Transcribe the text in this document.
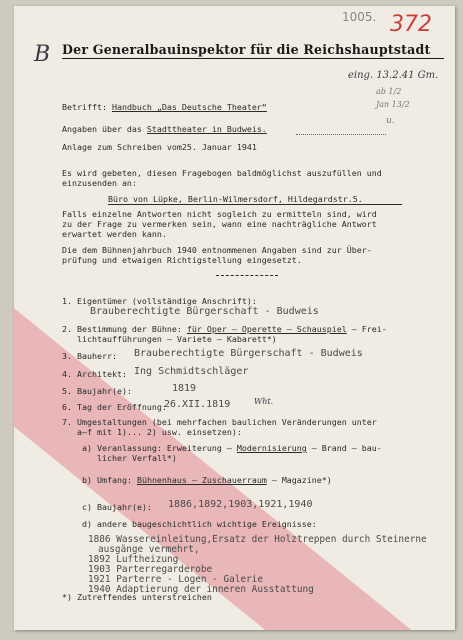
1005. 372
B Der Generalbauinspektor für die Reichshauptstadt
eing. 13.2.41 Gm.
ab 1/2
Jan 13/2
u.
Betrifft: Handbuch „Das Deutsche Theater“
Angaben über das Stadttheater in Budweis.
Anlage zum Schreiben vom25. Januar 1941
Es wird gebeten, diesen Fragebogen baldmöglichst auszufüllen und
einzusenden an:
Büro von Lüpke, Berlin-Wilmersdorf, Hildegardstr.5.
Falls einzelne Antworten nicht sogleich zu ermitteln sind, wird
zu der Frage zu vermerken sein, wann eine nachträgliche Antwort
erwartet werden kann.
Die dem Bühnenjahrbuch 1940 entnommenen Angaben sind zur Über-
prüfung und etwaigen Richtigstellung eingesetzt.
1. Eigentümer (vollständige Anschrift):
Brauberechtigte Bürgerschaft - Budweis
2. Bestimmung der Bühne: für Oper — Operette — Schauspiel — Frei-
lichtaufführungen — Variete — Kabarett*)
3. Bauherr: Brauberechtigte Bürgerschaft - Budweis
4. Architekt: Ing Schmidtschläger
5. Baujahr(e):	1819
6. Tag der Eröffnung:
26.XII.1819	Wht.
7. Umgestaltungen (bei mehrfachen baulichen Veränderungen unter
a—f mit 1)... 2) usw. einsetzen):
a) Veranlassung: Erweiterung — Modernisierung — Brand — bau-
licher Verfall*)
b) Umfang: Bühnenhaus — Zuschauerraum — Magazine*)
c) Baujahr(e): 1886,1892,1903,1921,1940
d) andere baugeschichtlich wichtige Ereignisse:
1886 Wassereinleitung,Ersatz der Holztreppen durch Steinerne
ausgänge vermehrt,
1892 Luftheizung
1903 Parterregarderobe
1921 Parterre - Logen - Galerie
1940 Adaptierung der inneren Ausstattung
*) Zutreffendes unterstreichen
